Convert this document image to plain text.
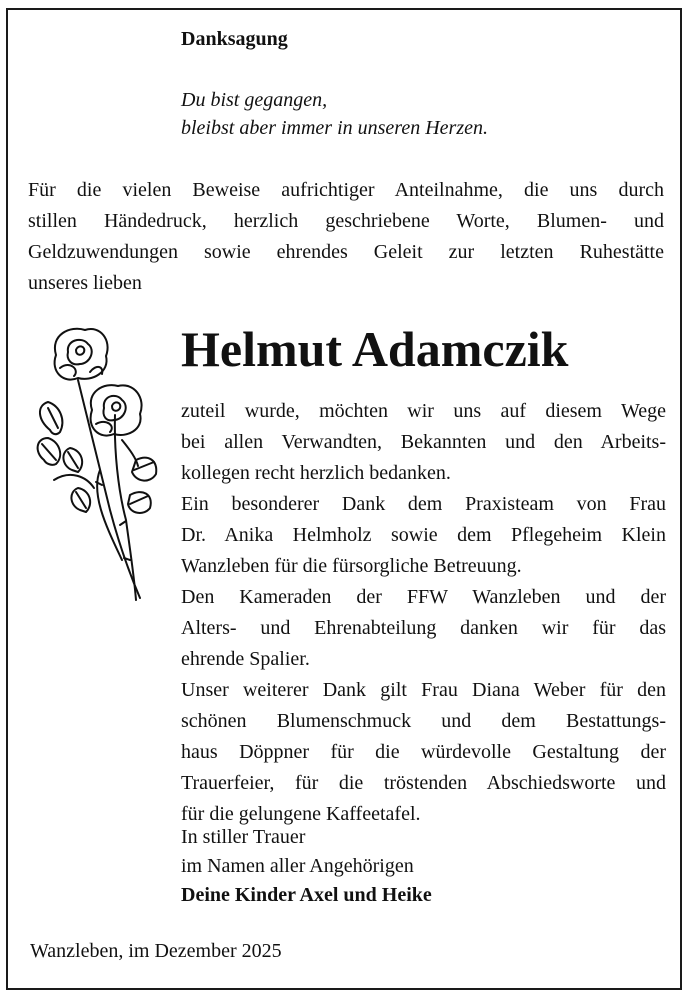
Danksagung
Du bist gegangen,
bleibst aber immer in unseren Herzen.
Für die vielen Beweise aufrichtiger Anteilnahme, die uns durch
stillen Händedruck, herzlich geschriebene Worte, Blumen- und
Geldzuwendungen sowie ehrendes Geleit zur letzten Ruhestätte
unseres lieben
Helmut Adamczik
zuteil wurde, möchten wir uns auf diesem Wege
bei allen Verwandten, Bekannten und den Arbeits-
kollegen recht herzlich bedanken.
Ein besonderer Dank dem Praxisteam von Frau
Dr. Anika Helmholz sowie dem Pflegeheim Klein
Wanzleben für die fürsorgliche Betreuung.
Den Kameraden der FFW Wanzleben und der
Alters- und Ehrenabteilung danken wir für das
ehrende Spalier.
Unser weiterer Dank gilt Frau Diana Weber für den
schönen Blumenschmuck und dem Bestattungs-
haus Döppner für die würdevolle Gestaltung der
Trauerfeier, für die tröstenden Abschiedsworte und
für die gelungene Kaffeetafel.
In stiller Trauer
im Namen aller Angehörigen
Deine Kinder Axel und Heike
Wanzleben, im Dezember 2025
